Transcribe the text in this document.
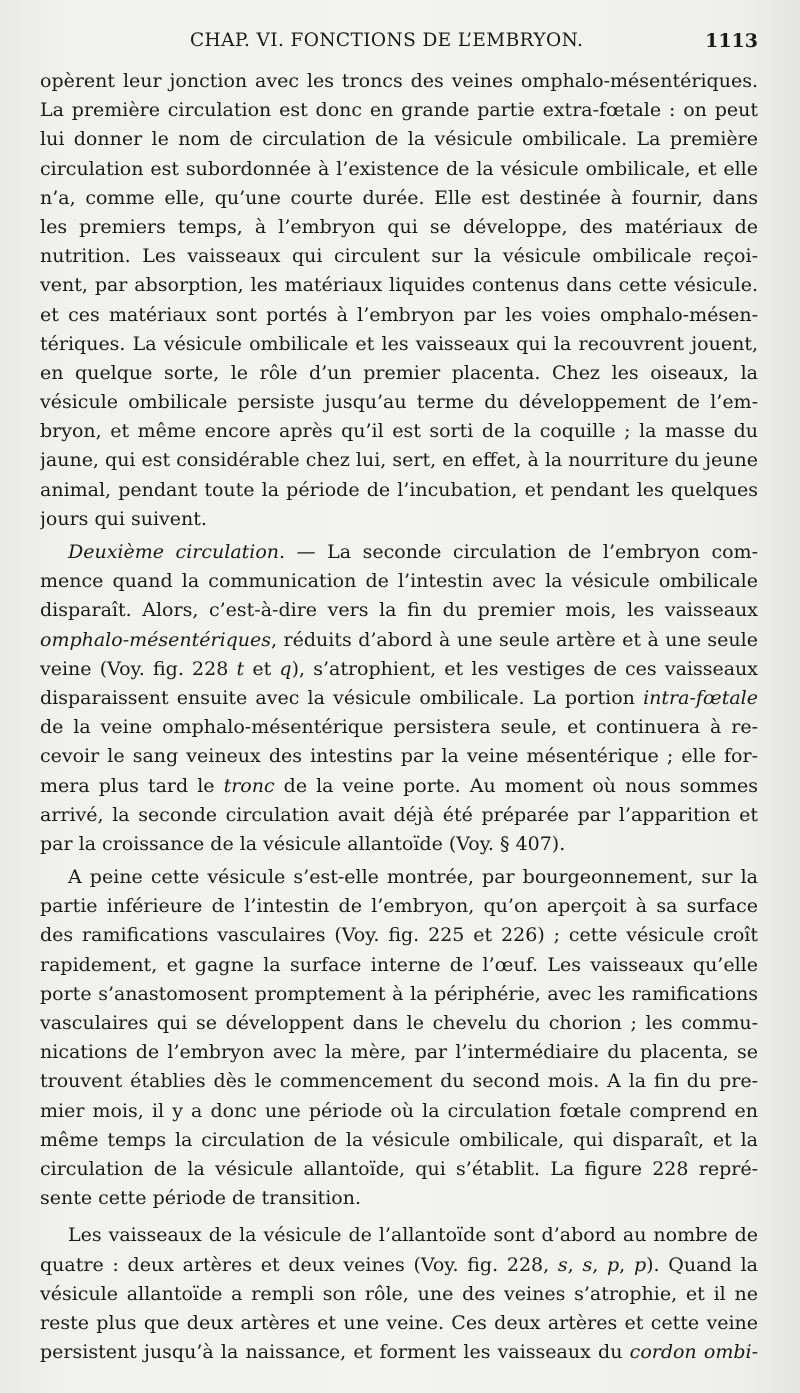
CHAP. VI. FONCTIONS DE L’EMBRYON.	1113
opèrent leur jonction avec les troncs des veines omphalo-mésentériques.
La première circulation est donc en grande partie extra-fœtale : on peut
lui donner le nom de circulation de la vésicule ombilicale. La première
circulation est subordonnée à l’existence de la vésicule ombilicale, et elle
n’a, comme elle, qu’une courte durée. Elle est destinée à fournir, dans
les premiers temps, à l’embryon qui se développe, des matériaux de
nutrition. Les vaisseaux qui circulent sur la vésicule ombilicale reçoi-
vent, par absorption, les matériaux liquides contenus dans cette vésicule.
et ces matériaux sont portés à l’embryon par les voies omphalo-mésen-
tériques. La vésicule ombilicale et les vaisseaux qui la recouvrent jouent,
en quelque sorte, le rôle d’un premier placenta. Chez les oiseaux, la
vésicule ombilicale persiste jusqu’au terme du développement de l’em-
bryon, et même encore après qu’il est sorti de la coquille ; la masse du
jaune, qui est considérable chez lui, sert, en effet, à la nourriture du jeune
animal, pendant toute la période de l’incubation, et pendant les quelques
jours qui suivent.
Deuxième circulation. — La seconde circulation de l’embryon com-
mence quand la communication de l’intestin avec la vésicule ombilicale
disparaît. Alors, c’est-à-dire vers la fin du premier mois, les vaisseaux
omphalo-mésentériques, réduits d’abord à une seule artère et à une seule
veine (Voy. fig. 228 t et q), s’atrophient, et les vestiges de ces vaisseaux
disparaissent ensuite avec la vésicule ombilicale. La portion intra-fœtale
de la veine omphalo-mésentérique persistera seule, et continuera à re-
cevoir le sang veineux des intestins par la veine mésentérique ; elle for-
mera plus tard le tronc de la veine porte. Au moment où nous sommes
arrivé, la seconde circulation avait déjà été préparée par l’apparition et
par la croissance de la vésicule allantoïde (Voy. § 407).
A peine cette vésicule s’est-elle montrée, par bourgeonnement, sur la
partie inférieure de l’intestin de l’embryon, qu’on aperçoit à sa surface
des ramifications vasculaires (Voy. fig. 225 et 226) ; cette vésicule croît
rapidement, et gagne la surface interne de l’œuf. Les vaisseaux qu’elle
porte s’anastomosent promptement à la périphérie, avec les ramifications
vasculaires qui se développent dans le chevelu du chorion ; les commu-
nications de l’embryon avec la mère, par l’intermédiaire du placenta, se
trouvent établies dès le commencement du second mois. A la fin du pre-
mier mois, il y a donc une période où la circulation fœtale comprend en
même temps la circulation de la vésicule ombilicale, qui disparaît, et la
circulation de la vésicule allantoïde, qui s’établit. La figure 228 repré-
sente cette période de transition.
Les vaisseaux de la vésicule de l’allantoïde sont d’abord au nombre de
quatre : deux artères et deux veines (Voy. fig. 228, s, s, p, p). Quand la
vésicule allantoïde a rempli son rôle, une des veines s’atrophie, et il ne
reste plus que deux artères et une veine. Ces deux artères et cette veine
persistent jusqu’à la naissance, et forment les vaisseaux du cordon ombi-
